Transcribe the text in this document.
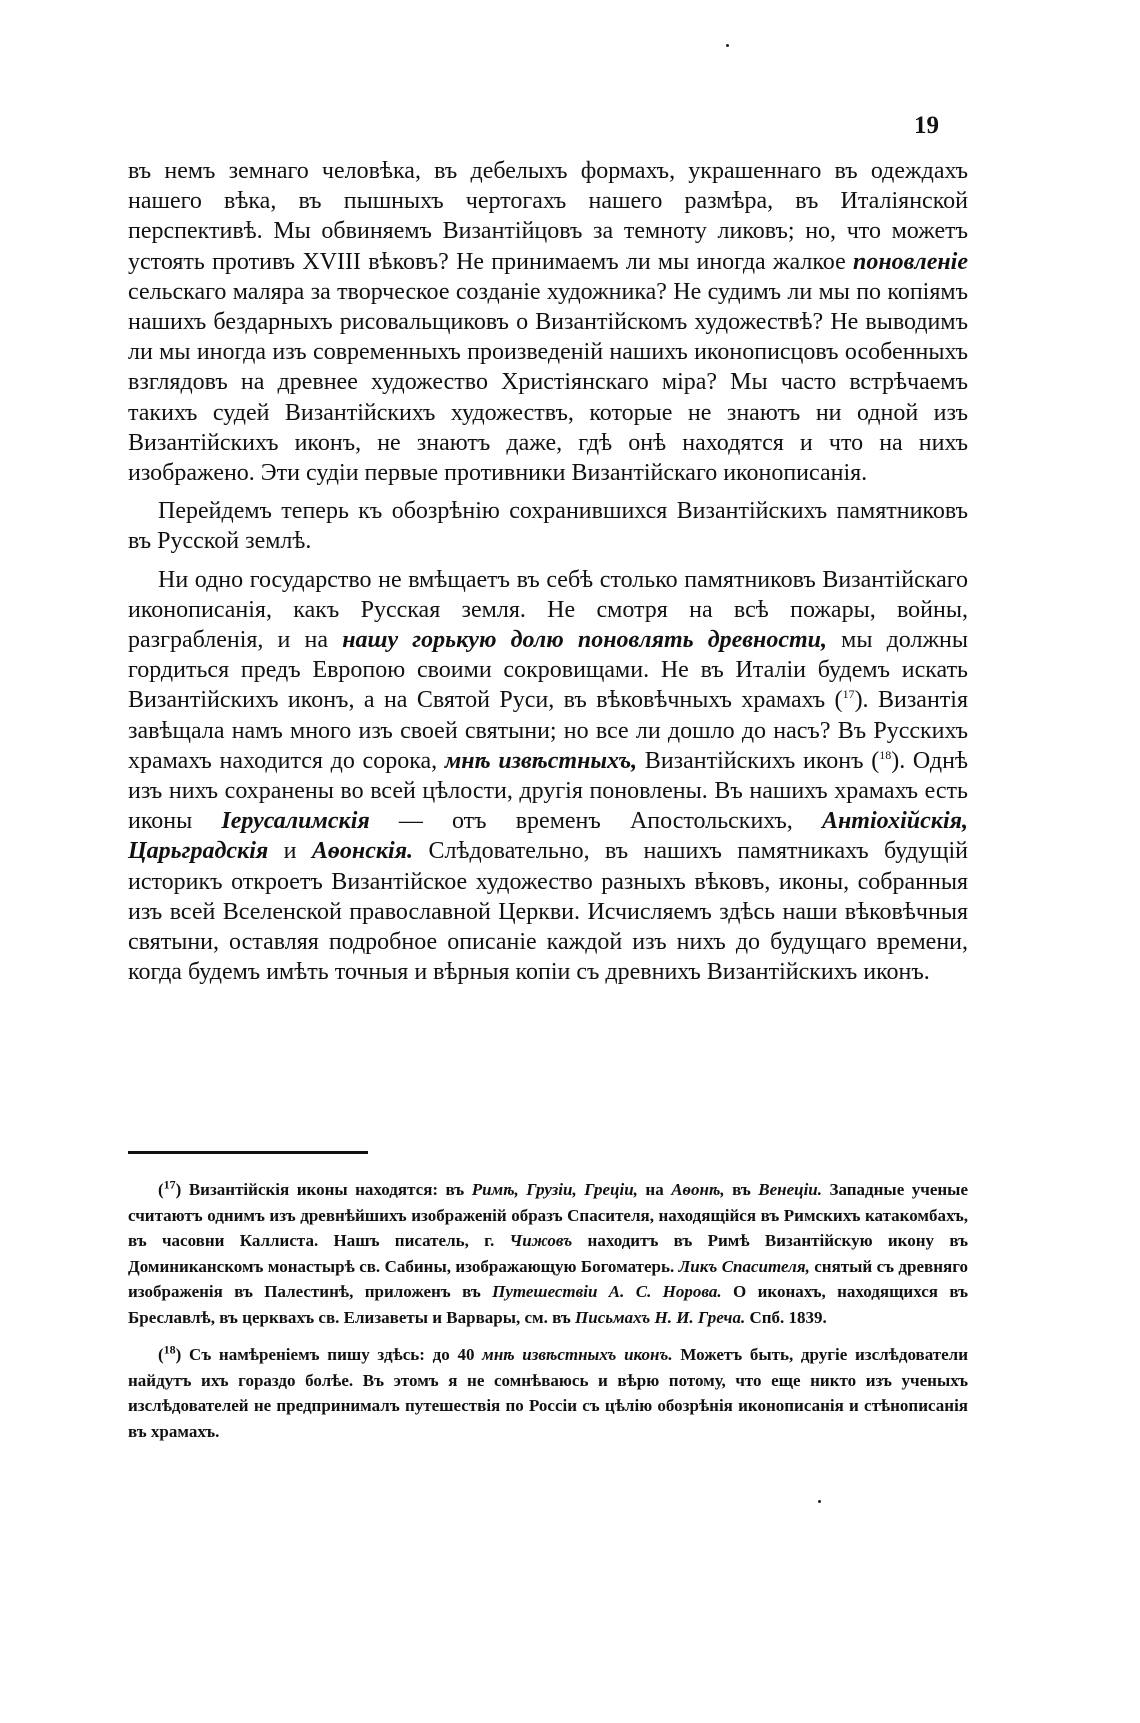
19

въ немъ земнаго человѣка, въ дебелыхъ формахъ, украшеннаго въ одеждахъ нашего вѣка, въ пышныхъ чертогахъ нашего размѣра, въ Италіянской перспективѣ. Мы обвиняемъ Византійцовъ за темноту ликовъ; но, что можетъ устоять противъ XVIII вѣковъ? Не принимаемъ ли мы иногда жалкое поновленіе сельскаго маляра за творческое созданіе художника? Не судимъ ли мы по копіямъ нашихъ бездарныхъ рисовальщиковъ о Византійскомъ художествѣ? Не выводимъ ли мы иногда изъ современныхъ произведеній нашихъ иконописцовъ особенныхъ взглядовъ на древнее художество Христіянскаго міра? Мы часто встрѣчаемъ такихъ судей Византійскихъ художествъ, которые не знаютъ ни одной изъ Византійскихъ иконъ, не знаютъ даже, гдѣ онѣ находятся и что на нихъ изображено. Эти судіи первые противники Византійскаго иконописанія.

Перейдемъ теперь къ обозрѣнію сохранившихся Византійскихъ памятниковъ въ Русской землѣ.

Ни одно государство не вмѣщаетъ въ себѣ столько памятниковъ Византійскаго иконописанія, какъ Русская земля. Не смотря на всѣ пожары, войны, разграбленія, и на нашу горькую долю поновлять древности, мы должны гордиться предъ Европою своими сокровищами. Не въ Италіи будемъ искать Византійскихъ иконъ, а на Святой Руси, въ вѣковѣчныхъ храмахъ ($^{17}$). Византія завѣщала намъ много изъ своей святыни; но все ли дошло до насъ? Въ Русскихъ храмахъ находится до сорока, мнѣ извѣстныхъ, Византійскихъ иконъ ($^{18}$). Однѣ изъ нихъ сохранены во всей цѣлости, другія поновлены. Въ нашихъ храмахъ есть иконы Іерусалимскія — отъ временъ Апостольскихъ, Антіохійскія, Царьградскія и Аѳонскія. Слѣдовательно, въ нашихъ памятникахъ будущій историкъ откроетъ Византійское художество разныхъ вѣковъ, иконы, собранныя изъ всей Вселенской православной Церкви. Исчисляемъ здѣсь наши вѣковѣчныя святыни, оставляя подробное описаніе каждой изъ нихъ до будущаго времени, когда будемъ имѣть точныя и вѣрныя копіи съ древнихъ Византійскихъ иконъ.

($^{17}$) Византійскія иконы находятся: въ Римѣ, Грузіи, Греціи, на Аѳонѣ, въ Венеціи. Западные ученые считаютъ однимъ изъ древнѣйшихъ изображеній образъ Спасителя, находящійся въ Римскихъ катакомбахъ, въ часовни Каллиста. Нашъ писатель, г. Чижовъ находитъ въ Римѣ Византійскую икону въ Доминиканскомъ монастырѣ св. Сабины, изображающую Богоматерь. Ликъ Спасителя, снятый съ древняго изображенія въ Палестинѣ, приложенъ въ Путешествіи А. С. Норова. О иконахъ, находящихся въ Бреславлѣ, въ церквахъ св. Елизаветы и Варвары, см. въ Письмахъ Н. И. Греча. Спб. 1839.

($^{18}$) Съ намѣреніемъ пишу здѣсь: до 40 мнѣ извѣстныхъ иконъ. Можетъ быть, другіе изслѣдователи найдутъ ихъ гораздо болѣе. Въ этомъ я не сомнѣваюсь и вѣрю потому, что еще никто изъ ученыхъ изслѣдователей не предпринималъ путешествія по Россіи съ цѣлію обозрѣнія иконописанія и стѣнописанія въ храмахъ.
